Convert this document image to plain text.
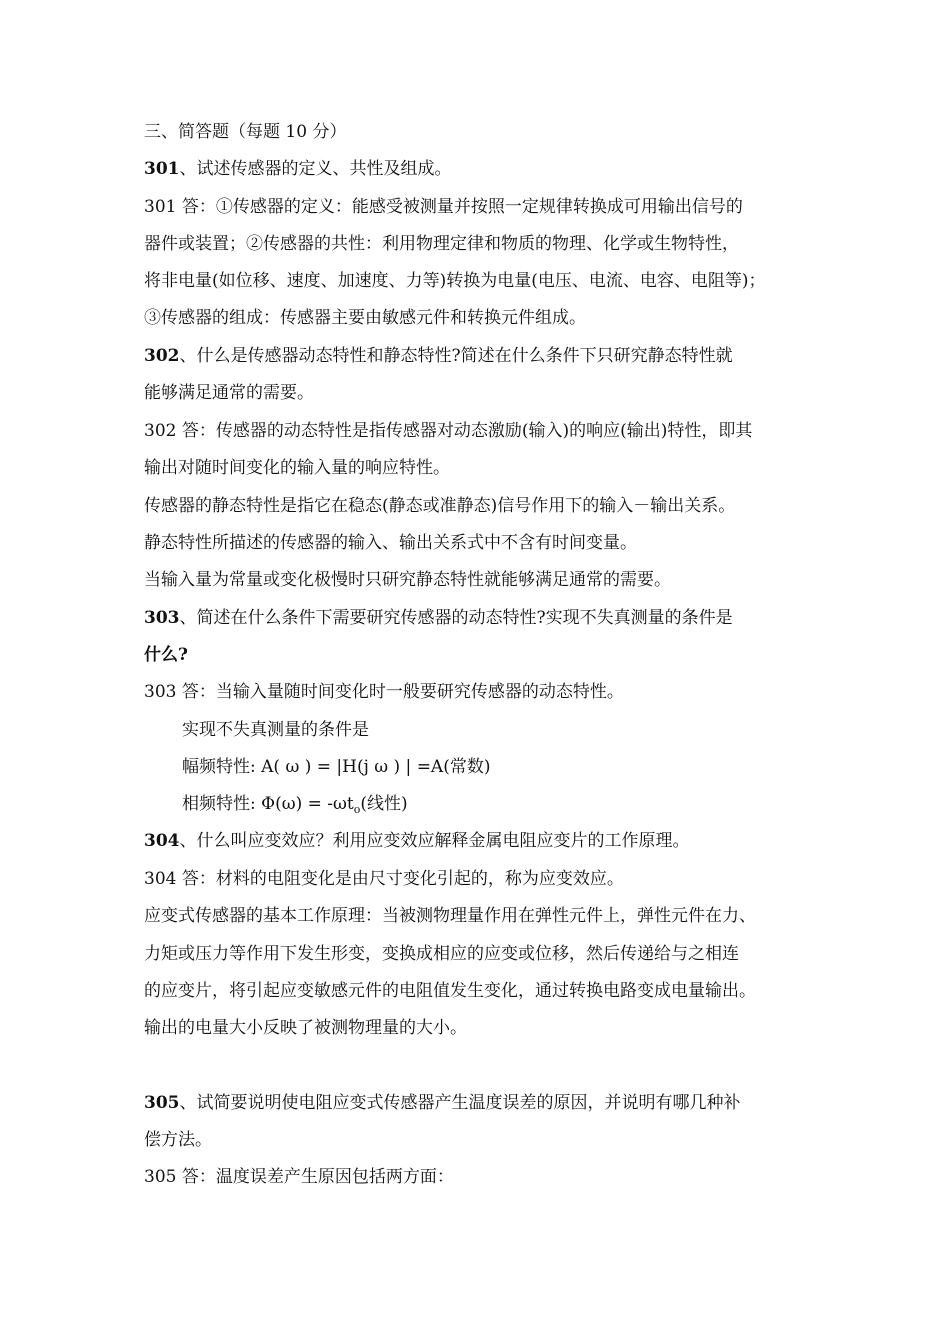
三、简答题（每题 10 分）
301、试述传感器的定义、共性及组成。
301 答：①传感器的定义：能感受被测量并按照一定规律转换成可用输出信号的
器件或装置；②传感器的共性：利用物理定律和物质的物理、化学或生物特性，
将非电量(如位移、速度、加速度、力等)转换为电量(电压、电流、电容、电阻等)；
③传感器的组成：传感器主要由敏感元件和转换元件组成。
302、什么是传感器动态特性和静态特性?简述在什么条件下只研究静态特性就
能够满足通常的需要。
302 答：传感器的动态特性是指传感器对动态激励(输入)的响应(输出)特性，即其
输出对随时间变化的输入量的响应特性。
传感器的静态特性是指它在稳态(静态或准静态)信号作用下的输入－输出关系。
静态特性所描述的传感器的输入、输出关系式中不含有时间变量。
当输入量为常量或变化极慢时只研究静态特性就能够满足通常的需要。
303、简述在什么条件下需要研究传感器的动态特性?实现不失真测量的条件是
什么?
303 答：当输入量随时间变化时一般要研究传感器的动态特性。
实现不失真测量的条件是
幅频特性: A( ω ) = |H(j ω ) | =A(常数)
相频特性: $\Phi(\omega) = -\omega t_o$(线性)
304、什么叫应变效应？利用应变效应解释金属电阻应变片的工作原理。
304 答：材料的电阻变化是由尺寸变化引起的，称为应变效应。
应变式传感器的基本工作原理：当被测物理量作用在弹性元件上，弹性元件在力、
力矩或压力等作用下发生形变，变换成相应的应变或位移，然后传递给与之相连
的应变片，将引起应变敏感元件的电阻值发生变化，通过转换电路变成电量输出。
输出的电量大小反映了被测物理量的大小。
305、试简要说明使电阻应变式传感器产生温度误差的原因，并说明有哪几种补
偿方法。
305 答：温度误差产生原因包括两方面：
